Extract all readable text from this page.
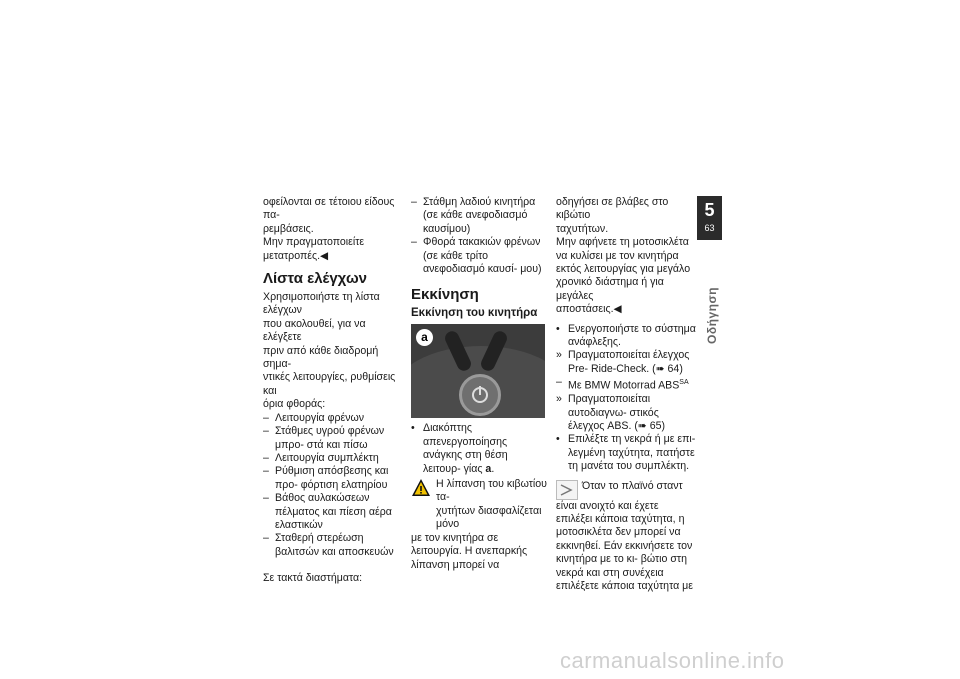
οφείλονται σε τέτοιου είδους πα-

ρεμβάσεις.

Μην πραγματοποιείτε

μετατροπές.◀

Λίστα ελέγχων

Χρησιμοποιήστε τη λίστα ελέγχων

που ακολουθεί, για να ελέγξετε

πριν από κάθε διαδρομή σημα-

ντικές λειτουργίες, ρυθμίσεις και

όρια φθοράς:

– Λειτουργία φρένων
– Στάθμες υγρού φρένων μπρο- στά και πίσω
– Λειτουργία συμπλέκτη
– Ρύθμιση απόσβεσης και προ- φόρτιση ελατηρίου
– Βάθος αυλακώσεων πέλματος και πίεση αέρα ελαστικών
– Σταθερή στερέωση βαλιτσών και αποσκευών

Σε τακτά διαστήματα:

– Στάθμη λαδιού κινητήρα (σε κάθε ανεφοδιασμό καυσίμου)
– Φθορά τακακιών φρένων (σε κάθε τρίτο ανεφοδιασμό καυσί- μου)
Εκκίνηση
Εκκίνηση του κινητήρα
a
• Διακόπτης απενεργοποίησης ανάγκης στη θέση λειτουρ- γίας a.

Η λίπανση του κιβωτίου τα-

χυτήτων διασφαλίζεται μόνο

με τον κινητήρα σε λειτουργία. Η ανεπαρκής λίπανση μπορεί να

οδηγήσει σε βλάβες στο κιβώτιο

ταχυτήτων.

Μην αφήνετε τη μοτοσικλέτα

να κυλίσει με τον κινητήρα

εκτός λειτουργίας για μεγάλο

χρονικό διάστημα ή για μεγάλες

αποστάσεις.◀

• Ενεργοποιήστε το σύστημα ανάφλεξης.
» Πραγματοποιείται έλεγχος Pre- Ride-Check. (➠ 64)
– Με BMW Motorrad $ABS^{SA}$
» Πραγματοποιείται αυτοδιαγνω- στικός έλεγχος ABS. (➠ 65)
• Επιλέξτε τη νεκρά ή με επι- λεγμένη ταχύτητα, πατήστε τη μανέτα του συμπλέκτη.

Όταν το πλαϊνό σταντ είναι ανοιχτό και έχετε επιλέξει κάποια ταχύτητα, η μοτοσικλέτα δεν μπορεί να εκκινηθεί. Εάν εκκινήσετε τον κινητήρα με το κι- βώτιο στη νεκρά και στη συνέχεια επιλέξετε κάποια ταχύτητα με

5
63
Οδήγηση
carmanualsonline.info
